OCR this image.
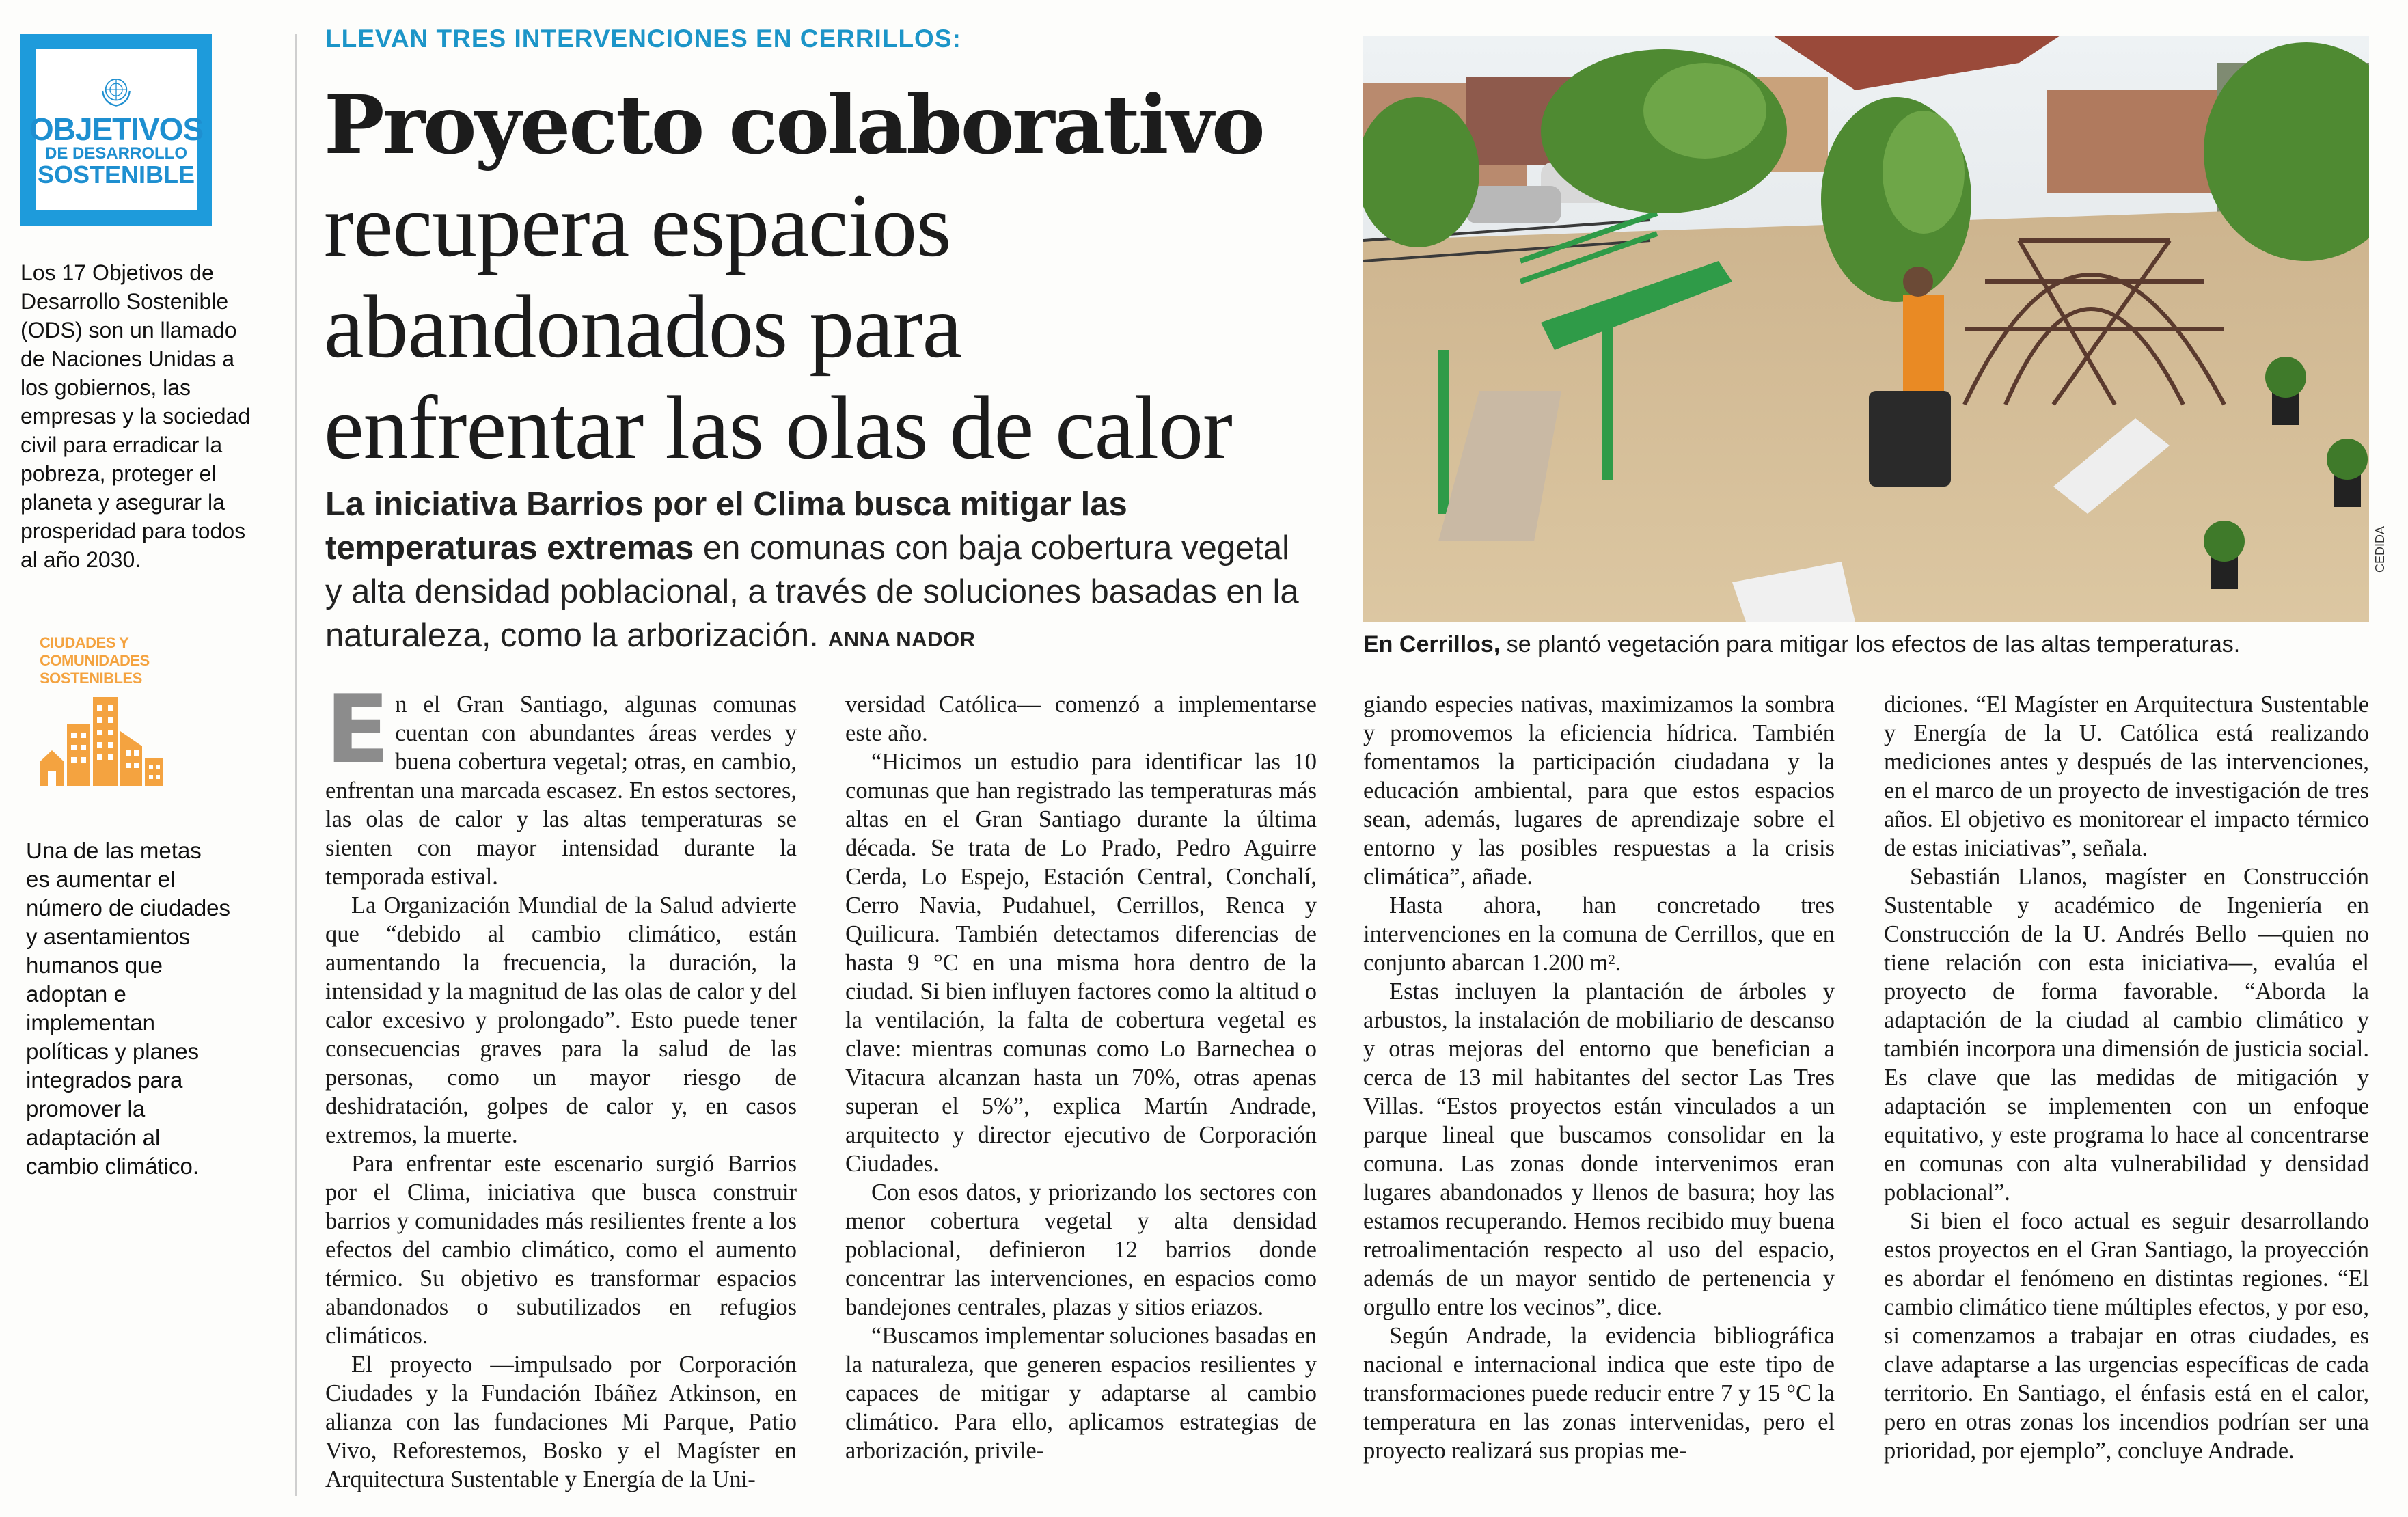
OBJETIVOS
DE DESARROLLO
SOSTENIBLE
Los 17 Objetivos de Desarrollo Sostenible (ODS) son un llamado de Naciones Unidas a los gobiernos, las empresas y la sociedad civil para erradicar la pobreza, proteger el planeta y asegurar la prosperidad para todos al año 2030.
CIUDADES Y
COMUNIDADES
SOSTENIBLES
Una de las metas es aumentar el número de ciudades y asentamientos humanos que adoptan e implementan políticas y planes integrados para promover la adaptación al cambio climático.
LLEVAN TRES INTERVENCIONES EN CERRILLOS:
Proyecto colaborativo
recupera espacios
abandonados para
enfrentar las olas de calor
La iniciativa Barrios por el Clima busca mitigar las temperaturas extremas en comunas con baja cobertura vegetal y alta densidad poblacional, a través de soluciones basadas en la naturaleza, como la arborización. ANNA NADOR
CEDIDA
En Cerrillos, se plantó vegetación para mitigar los efectos de las altas temperaturas.

En el Gran Santiago, algunas comunas cuentan con abundantes áreas verdes y buena cobertura vegetal; otras, en cambio, enfrentan una marcada escasez. En estos sectores, las olas de calor y las altas temperaturas se sienten con mayor intensidad durante la temporada estival.

La Organización Mundial de la Salud advierte que “debido al cambio climático, están aumentando la frecuencia, la duración, la intensidad y la magnitud de las olas de calor y del calor excesivo y prolongado”. Esto puede tener consecuencias graves para la salud de las personas, como un mayor riesgo de deshidratación, golpes de calor y, en casos extremos, la muerte.

Para enfrentar este escenario surgió Barrios por el Clima, iniciativa que busca construir barrios y comunidades más resilientes frente a los efectos del cambio climático, como el aumento térmico. Su objetivo es transformar espacios abandonados o subutilizados en refugios climáticos.

El proyecto —impulsado por Corporación Ciudades y la Fundación Ibáñez Atkinson, en alianza con las fundaciones Mi Parque, Patio Vivo, Reforestemos, Bosko y el Magíster en Arquitectura Sustentable y Energía de la Uni-

versidad Católica— comenzó a implementarse este año.

“Hicimos un estudio para identificar las 10 comunas que han registrado las temperaturas más altas en el Gran Santiago durante la última década. Se trata de Lo Prado, Pedro Aguirre Cerda, Lo Espejo, Estación Central, Conchalí, Cerro Navia, Pudahuel, Cerrillos, Renca y Quilicura. También detectamos diferencias de hasta 9 °C en una misma hora dentro de la ciudad. Si bien influyen factores como la altitud o la ventilación, la falta de cobertura vegetal es clave: mientras comunas como Lo Barnechea o Vitacura alcanzan hasta un 70%, otras apenas superan el 5%”, explica Martín Andrade, arquitecto y director ejecutivo de Corporación Ciudades.

Con esos datos, y priorizando los sectores con menor cobertura vegetal y alta densidad poblacional, definieron 12 barrios donde concentrar las intervenciones, en espacios como bandejones centrales, plazas y sitios eriazos.

“Buscamos implementar soluciones basadas en la naturaleza, que generen espacios resilientes y capaces de mitigar y adaptarse al cambio climático. Para ello, aplicamos estrategias de arborización, privile-

giando especies nativas, maximizamos la sombra y promovemos la eficiencia hídrica. También fomentamos la participación ciudadana y la educación ambiental, para que estos espacios sean, además, lugares de aprendizaje sobre el entorno y las posibles respuestas a la crisis climática”, añade.

Hasta ahora, han concretado tres intervenciones en la comuna de Cerrillos, que en conjunto abarcan 1.200 m².

Estas incluyen la plantación de árboles y arbustos, la instalación de mobiliario de descanso y otras mejoras del entorno que benefician a cerca de 13 mil habitantes del sector Las Tres Villas. “Estos proyectos están vinculados a un parque lineal que buscamos consolidar en la comuna. Las zonas donde intervenimos eran lugares abandonados y llenos de basura; hoy las estamos recuperando. Hemos recibido muy buena retroalimentación respecto al uso del espacio, además de un mayor sentido de pertenencia y orgullo entre los vecinos”, dice.

Según Andrade, la evidencia bibliográfica nacional e internacional indica que este tipo de transformaciones puede reducir entre 7 y 15 °C la temperatura en las zonas intervenidas, pero el proyecto realizará sus propias me-

diciones. “El Magíster en Arquitectura Sustentable y Energía de la U. Católica está realizando mediciones antes y después de las intervenciones, en el marco de un proyecto de investigación de tres años. El objetivo es monitorear el impacto térmico de estas iniciativas”, señala.

Sebastián Llanos, magíster en Construcción Sustentable y académico de Ingeniería en Construcción de la U. Andrés Bello —quien no tiene relación con esta iniciativa—, evalúa el proyecto de forma favorable. “Aborda la adaptación de la ciudad al cambio climático y también incorpora una dimensión de justicia social. Es clave que las medidas de mitigación y adaptación se implementen con un enfoque equitativo, y este programa lo hace al concentrarse en comunas con alta vulnerabilidad y densidad poblacional”.

Si bien el foco actual es seguir desarrollando estos proyectos en el Gran Santiago, la proyección es abordar el fenómeno en distintas regiones. “El cambio climático tiene múltiples efectos, y por eso, si comenzamos a trabajar en otras ciudades, es clave adaptarse a las urgencias específicas de cada territorio. En Santiago, el énfasis está en el calor, pero en otras zonas los incendios podrían ser una prioridad, por ejemplo”, concluye Andrade.
